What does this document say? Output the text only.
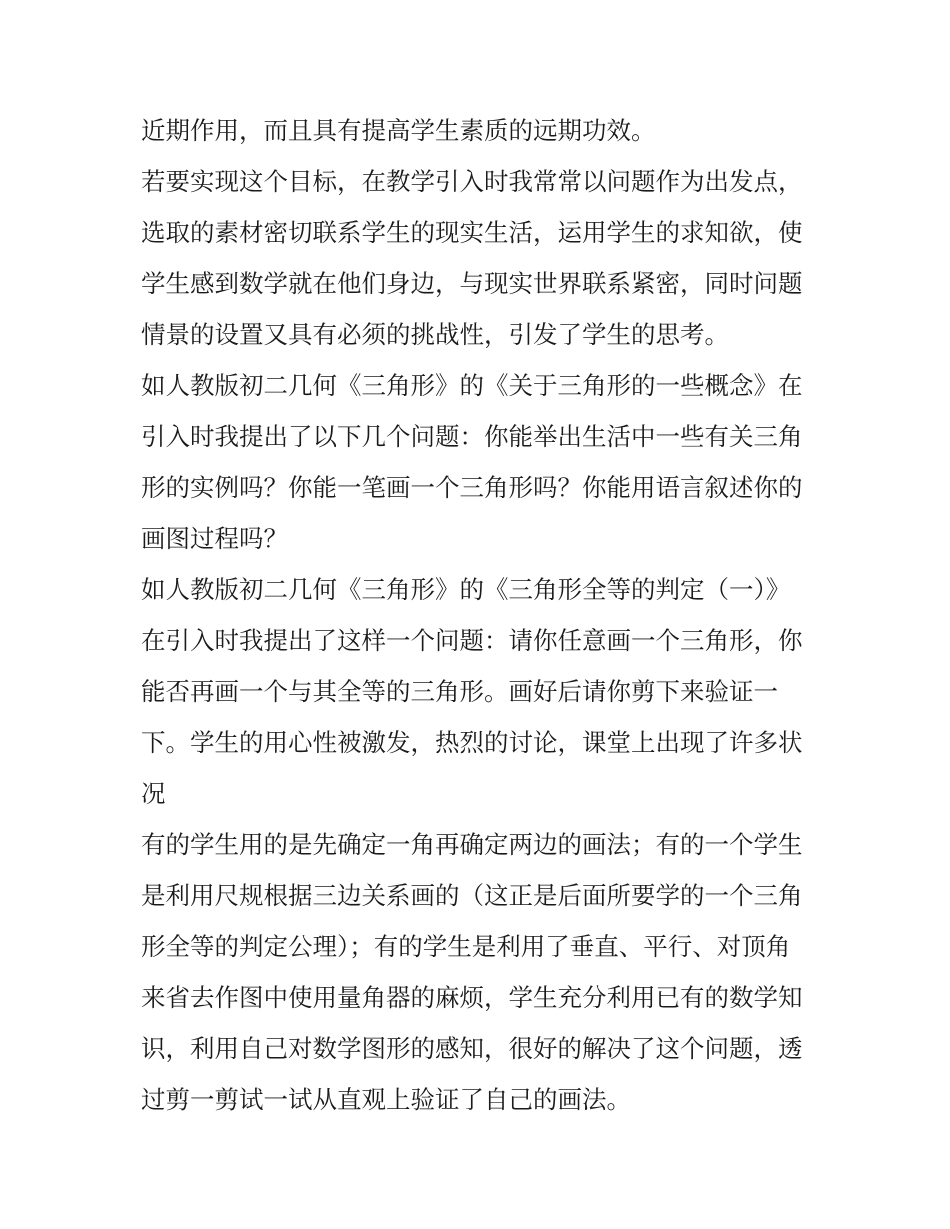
近期作用，而且具有提高学生素质的远期功效。
若要实现这个目标，在教学引入时我常常以问题作为出发点，
选取的素材密切联系学生的现实生活，运用学生的求知欲，使
学生感到数学就在他们身边，与现实世界联系紧密，同时问题
情景的设置又具有必须的挑战性，引发了学生的思考。
如人教版初二几何《三角形》的《关于三角形的一些概念》在
引入时我提出了以下几个问题：你能举出生活中一些有关三角
形的实例吗？你能一笔画一个三角形吗？你能用语言叙述你的
画图过程吗？
如人教版初二几何《三角形》的《三角形全等的判定（一）》
在引入时我提出了这样一个问题：请你任意画一个三角形，你
能否再画一个与其全等的三角形。画好后请你剪下来验证一
下。学生的用心性被激发，热烈的讨论，课堂上出现了许多状
况
有的学生用的是先确定一角再确定两边的画法；有的一个学生
是利用尺规根据三边关系画的（这正是后面所要学的一个三角
形全等的判定公理）；有的学生是利用了垂直、平行、对顶角
来省去作图中使用量角器的麻烦，学生充分利用已有的数学知
识，利用自己对数学图形的感知，很好的解决了这个问题，透
过剪一剪试一试从直观上验证了自己的画法。
